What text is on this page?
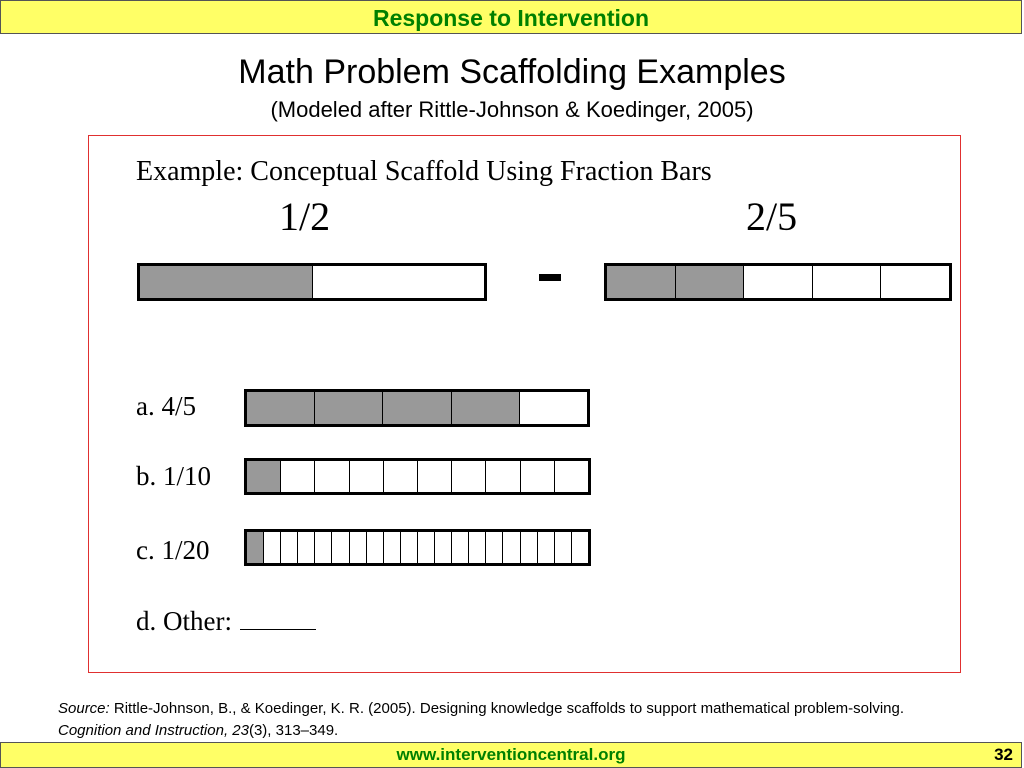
Response to Intervention
Math Problem Scaffolding Examples
(Modeled after Rittle-Johnson & Koedinger, 2005)
Example: Conceptual Scaffold Using Fraction Bars
1/2	2/5
a. 4/5
b. 1/10
c. 1/20
d. Other:
Source: Rittle-Johnson, B., & Koedinger, K. R. (2005). Designing knowledge scaffolds to support mathematical problem-solving. Cognition and Instruction, 23(3), 313–349.
www.interventioncentral.org	32
